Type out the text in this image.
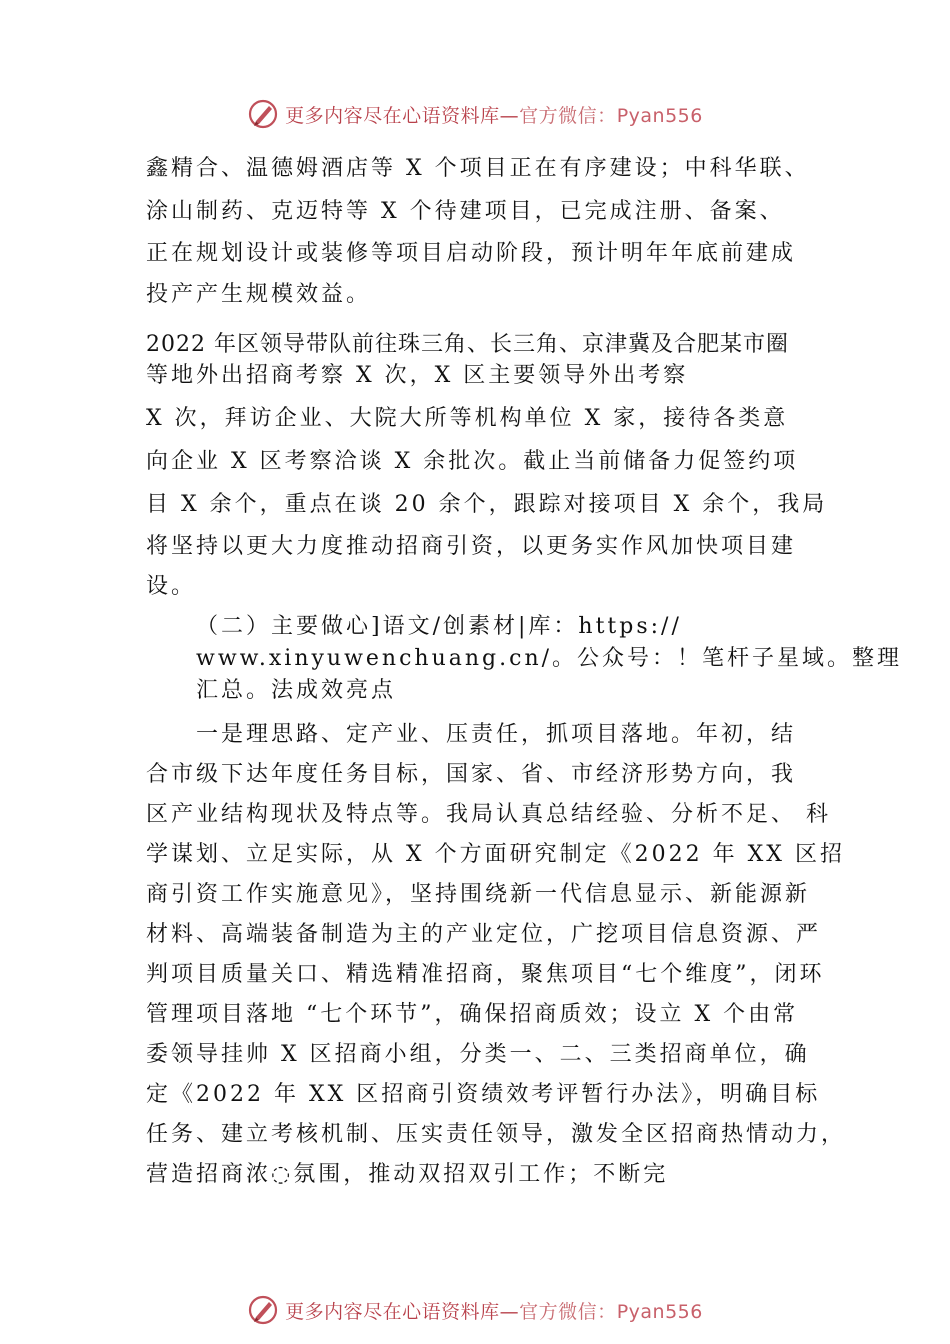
更多内容尽在心语资料库—官方微信：Pyan556
鑫精合、温德姆酒店等 X 个项目正在有序建设；中科华联、
涂山制药、克迈特等 X 个待建项目，已完成注册、备案、
正在规划设计或装修等项目启动阶段，预计明年年底前建成
投产产生规模效益。
2022 年区领导带队前往珠三角、长三角、京津冀及合肥某市圈
等地外出招商考察 X 次，X 区主要领导外出考察
X 次，拜访企业、大院大所等机构单位 X 家，接待各类意
向企业 X 区考察洽谈 X 余批次。截止当前储备力促签约项
目 X 余个，重点在谈 20 余个，跟踪对接项目 X 余个，我局
将坚持以更大力度推动招商引资，以更务实作风加快项目建
设。
（二）主要做心]语文/创素材|库：https://
www.xinyuwenchuang.cn/。公众号：！笔杆子星域。整理
汇总。法成效亮点
一是理思路、定产业、压责任，抓项目落地。年初，结
合市级下达年度任务目标，国家、省、市经济形势方向，我
区产业结构现状及特点等。我局认真总结经验、分析不足、 科
学谋划、立足实际，从 X 个方面研究制定《2022 年 XX 区招
商引资工作实施意见》，坚持围绕新一代信息显示、新能源新
材料、高端装备制造为主的产业定位，广挖项目信息资源、严
判项目质量关口、精选精准招商，聚焦项目“七个维度”，闭环
管理项目落地 “七个环节”，确保招商质效；设立 X 个由常
委领导挂帅 X 区招商小组，分类一、二、三类招商单位，确
定《2022 年 XX 区招商引资绩效考评暂行办法》，明确目标
任务、建立考核机制、压实责任领导，激发全区招商热情动力，
营造招商浓◌氛围，推动双招双引工作；不断完
更多内容尽在心语资料库—官方微信：Pyan556
